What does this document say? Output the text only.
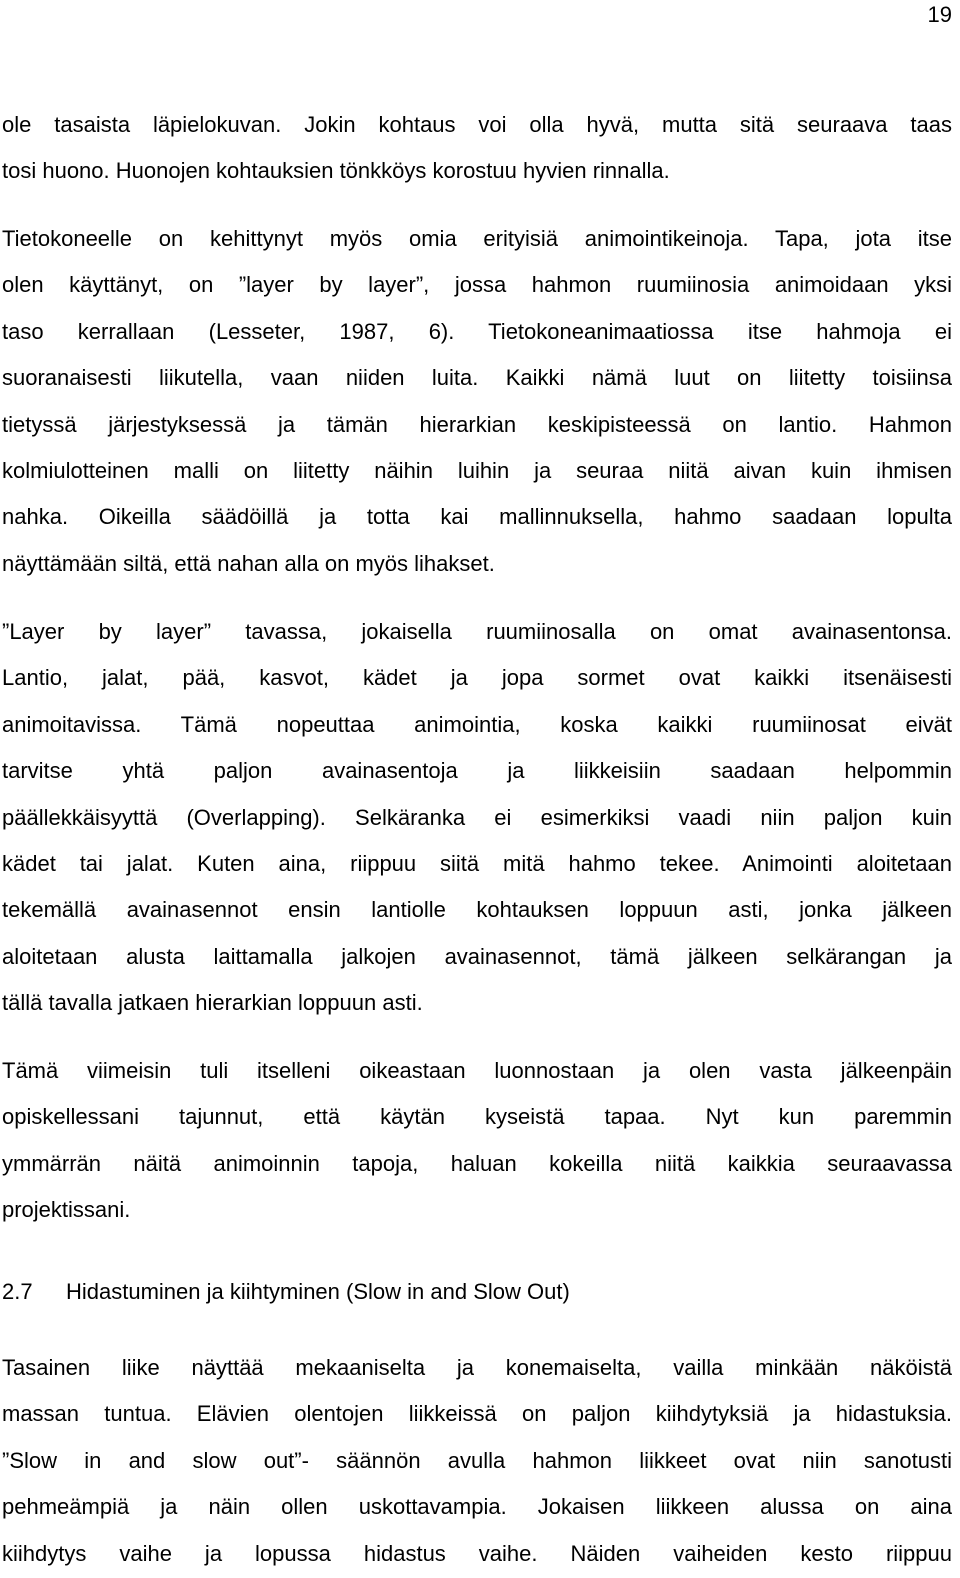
19
ole tasaista läpielokuvan. Jokin kohtaus voi olla hyvä, mutta sitä seuraava taas
tosi huono. Huonojen kohtauksien tönkköys korostuu hyvien rinnalla.
Tietokoneelle on kehittynyt myös omia erityisiä animointikeinoja. Tapa, jota itse
olen käyttänyt, on ”layer by layer”, jossa hahmon ruumiinosia animoidaan yksi
taso kerrallaan (Lesseter, 1987, 6). Tietokoneanimaatiossa itse hahmoja ei
suoranaisesti liikutella, vaan niiden luita. Kaikki nämä luut on liitetty toisiinsa
tietyssä järjestyksessä ja tämän hierarkian keskipisteessä on lantio. Hahmon
kolmiulotteinen malli on liitetty näihin luihin ja seuraa niitä aivan kuin ihmisen
nahka. Oikeilla säädöillä ja totta kai mallinnuksella, hahmo saadaan lopulta
näyttämään siltä, että nahan alla on myös lihakset.
”Layer by layer” tavassa, jokaisella ruumiinosalla on omat avainasentonsa.
Lantio, jalat, pää, kasvot, kädet ja jopa sormet ovat kaikki itsenäisesti
animoitavissa. Tämä nopeuttaa animointia, koska kaikki ruumiinosat eivät
tarvitse yhtä paljon avainasentoja ja liikkeisiin saadaan helpommin
päällekkäisyyttä (Overlapping). Selkäranka ei esimerkiksi vaadi niin paljon kuin
kädet tai jalat. Kuten aina, riippuu siitä mitä hahmo tekee. Animointi aloitetaan
tekemällä avainasennot ensin lantiolle kohtauksen loppuun asti, jonka jälkeen
aloitetaan alusta laittamalla jalkojen avainasennot, tämä jälkeen selkärangan ja
tällä tavalla jatkaen hierarkian loppuun asti.
Tämä viimeisin tuli itselleni oikeastaan luonnostaan ja olen vasta jälkeenpäin
opiskellessani tajunnut, että käytän kyseistä tapaa. Nyt kun paremmin
ymmärrän näitä animoinnin tapoja, haluan kokeilla niitä kaikkia seuraavassa
projektissani.
2.7 Hidastuminen ja kiihtyminen (Slow in and Slow Out)
Tasainen liike näyttää mekaaniselta ja konemaiselta, vailla minkään näköistä
massan tuntua. Elävien olentojen liikkeissä on paljon kiihdytyksiä ja hidastuksia.
”Slow in and slow out”- säännön avulla hahmon liikkeet ovat niin sanotusti
pehmeämpiä ja näin ollen uskottavampia. Jokaisen liikkeen alussa on aina
kiihdytys vaihe ja lopussa hidastus vaihe. Näiden vaiheiden kesto riippuu
